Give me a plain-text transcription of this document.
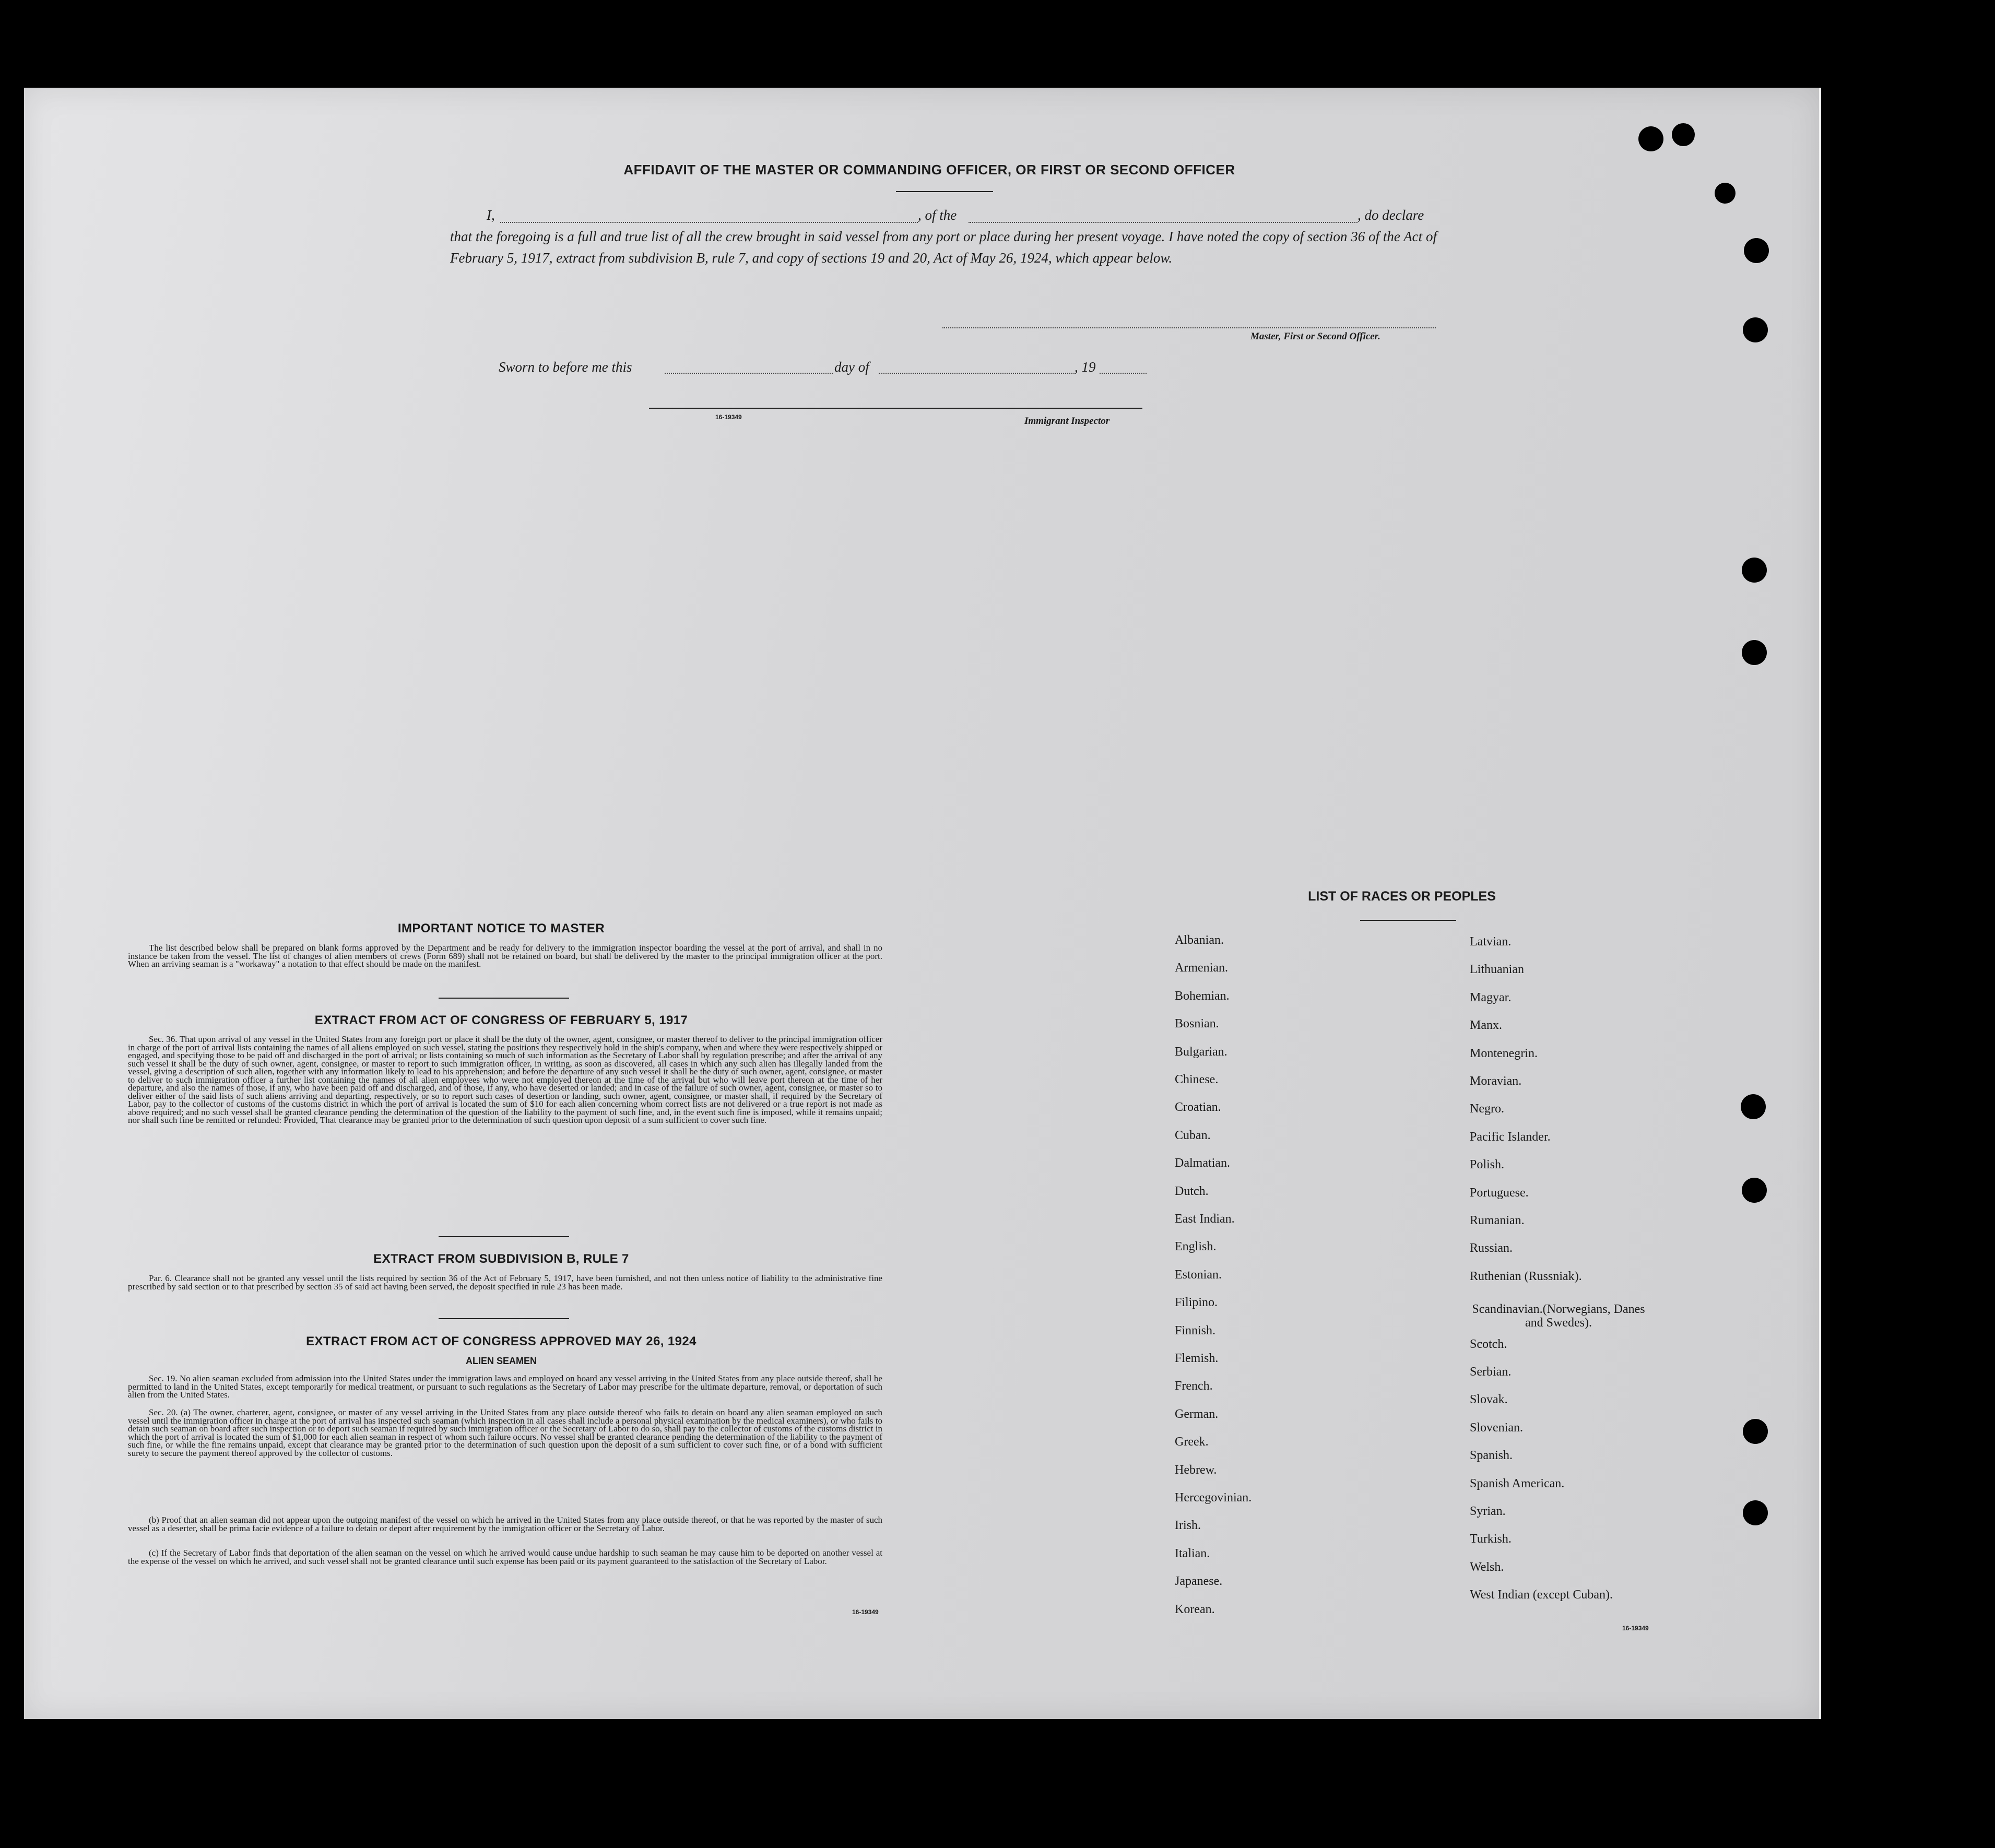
AFFIDAVIT OF THE MASTER OR COMMANDING OFFICER, OR FIRST OR SECOND OFFICER
I,	, of the	, do declare
that the foregoing is a full and true list of all the crew brought in said vessel from any port or place during her present voyage. I have noted the copy of section 36 of the Act of February 5, 1917, extract from subdivision B, rule 7, and copy of sections 19 and 20, Act of May 26, 1924, which appear below.
Master, First or Second Officer.
Sworn to before me this	day of	, 19
16-19349	Immigrant Inspector
IMPORTANT NOTICE TO MASTER
The list described below shall be prepared on blank forms approved by the Department and be ready for delivery to the immigration inspector boarding the vessel at the port of arrival, and shall in no instance be taken from the vessel. The list of changes of alien members of crews (Form 689) shall not be retained on board, but shall be delivered by the master to the principal immigration officer at the port. When an arriving seaman is a "workaway" a notation to that effect should be made on the manifest.
EXTRACT FROM ACT OF CONGRESS OF FEBRUARY 5, 1917
Sec. 36. That upon arrival of any vessel in the United States from any foreign port or place it shall be the duty of the owner, agent, consignee, or master thereof to deliver to the principal immigration officer in charge of the port of arrival lists containing the names of all aliens employed on such vessel, stating the positions they respectively hold in the ship's company, when and where they were respectively shipped or engaged, and specifying those to be paid off and discharged in the port of arrival; or lists containing so much of such information as the Secretary of Labor shall by regulation prescribe; and after the arrival of any such vessel it shall be the duty of such owner, agent, consignee, or master to report to such immigration officer, in writing, as soon as discovered, all cases in which any such alien has illegally landed from the vessel, giving a description of such alien, together with any information likely to lead to his apprehension; and before the departure of any such vessel it shall be the duty of such owner, agent, consignee, or master to deliver to such immigration officer a further list containing the names of all alien employees who were not employed thereon at the time of the arrival but who will leave port thereon at the time of her departure, and also the names of those, if any, who have been paid off and discharged, and of those, if any, who have deserted or landed; and in case of the failure of such owner, agent, consignee, or master so to deliver either of the said lists of such aliens arriving and departing, respectively, or so to report such cases of desertion or landing, such owner, agent, consignee, or master shall, if required by the Secretary of Labor, pay to the collector of customs of the customs district in which the port of arrival is located the sum of $10 for each alien concerning whom correct lists are not delivered or a true report is not made as above required; and no such vessel shall be granted clearance pending the determination of the question of the liability to the payment of such fine, and, in the event such fine is imposed, while it remains unpaid; nor shall such fine be remitted or refunded: Provided, That clearance may be granted prior to the determination of such question upon deposit of a sum sufficient to cover such fine.
EXTRACT FROM SUBDIVISION B, RULE 7
Par. 6. Clearance shall not be granted any vessel until the lists required by section 36 of the Act of February 5, 1917, have been furnished, and not then unless notice of liability to the administrative fine prescribed by said section or to that prescribed by section 35 of said act having been served, the deposit specified in rule 23 has been made.
EXTRACT FROM ACT OF CONGRESS APPROVED MAY 26, 1924
ALIEN SEAMEN
Sec. 19. No alien seaman excluded from admission into the United States under the immigration laws and employed on board any vessel arriving in the United States from any place outside thereof, shall be permitted to land in the United States, except temporarily for medical treatment, or pursuant to such regulations as the Secretary of Labor may prescribe for the ultimate departure, removal, or deportation of such alien from the United States.
Sec. 20. (a) The owner, charterer, agent, consignee, or master of any vessel arriving in the United States from any place outside thereof who fails to detain on board any alien seaman employed on such vessel until the immigration officer in charge at the port of arrival has inspected such seaman (which inspection in all cases shall include a personal physical examination by the medical examiners), or who fails to detain such seaman on board after such inspection or to deport such seaman if required by such immigration officer or the Secretary of Labor to do so, shall pay to the collector of customs of the customs district in which the port of arrival is located the sum of $1,000 for each alien seaman in respect of whom such failure occurs. No vessel shall be granted clearance pending the determination of the liability to the payment of such fine, or while the fine remains unpaid, except that clearance may be granted prior to the determination of such question upon the deposit of a sum sufficient to cover such fine, or of a bond with sufficient surety to secure the payment thereof approved by the collector of customs.
(b) Proof that an alien seaman did not appear upon the outgoing manifest of the vessel on which he arrived in the United States from any place outside thereof, or that he was reported by the master of such vessel as a deserter, shall be prima facie evidence of a failure to detain or deport after requirement by the immigration officer or the Secretary of Labor.
(c) If the Secretary of Labor finds that deportation of the alien seaman on the vessel on which he arrived would cause undue hardship to such seaman he may cause him to be deported on another vessel at the expense of the vessel on which he arrived, and such vessel shall not be granted clearance until such expense has been paid or its payment guaranteed to the satisfaction of the Secretary of Labor.
16-19349
LIST OF RACES OR PEOPLES
Albanian.
Armenian.
Bohemian.
Bosnian.
Bulgarian.
Chinese.
Croatian.
Cuban.
Dalmatian.
Dutch.
East Indian.
English.
Estonian.
Filipino.
Finnish.
Flemish.
French.
German.
Greek.
Hebrew.
Hercegovinian.
Irish.
Italian.
Japanese.
Korean.
Latvian.
Lithuanian
Magyar.
Manx.
Montenegrin.
Moravian.
Negro.
Pacific Islander.
Polish.
Portuguese.
Rumanian.
Russian.
Ruthenian (Russniak).
Scandinavian.(Norwegians, Danes and Swedes).
Scotch.
Serbian.
Slovak.
Slovenian.
Spanish.
Spanish American.
Syrian.
Turkish.
Welsh.
West Indian (except Cuban).
16-19349
